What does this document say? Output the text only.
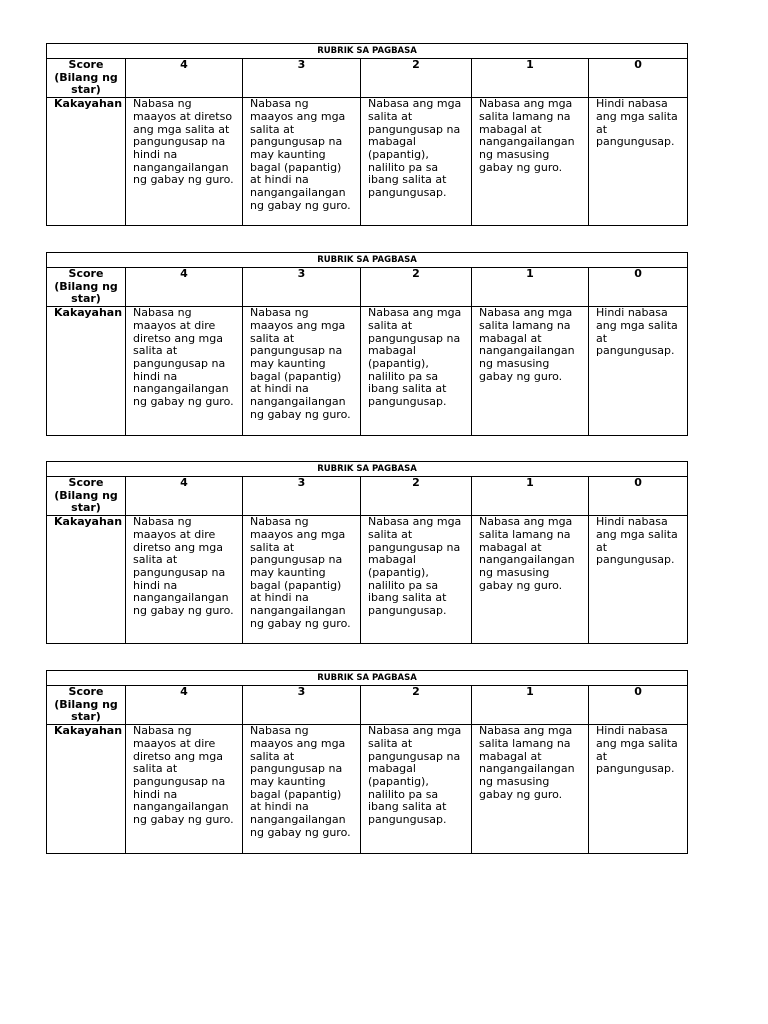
RUBRIK SA PAGBASA					
Score (Bilang ng star)	4	3	2	1	0
Kakayahan	Nabasa ng maayos at diretso ang mga salita at pangungusap na hindi na nangangailangan ng gabay ng guro.	Nabasa ng maayos ang mga salita at pangungusap na may kaunting bagal (papantig) at hindi na nangangailangan ng gabay ng guro.	Nabasa ang mga salita at pangungusap na mabagal (papantig), nalilito pa sa ibang salita at pangungusap.	Nabasa ang mga salita lamang na mabagal at nangangailangan ng masusing gabay ng guro.	Hindi nabasa ang mga salita at pangungusap.
RUBRIK SA PAGBASA					
Score (Bilang ng star)	4	3	2	1	0
Kakayahan	Nabasa ng maayos at dire diretso ang mga salita at pangungusap na hindi na nangangailangan ng gabay ng guro.	Nabasa ng maayos ang mga salita at pangungusap na may kaunting bagal (papantig) at hindi na nangangailangan ng gabay ng guro.	Nabasa ang mga salita at pangungusap na mabagal (papantig), nalilito pa sa ibang salita at pangungusap.	Nabasa ang mga salita lamang na mabagal at nangangailangan ng masusing gabay ng guro.	Hindi nabasa ang mga salita at pangungusap.
RUBRIK SA PAGBASA					
Score (Bilang ng star)	4	3	2	1	0
Kakayahan	Nabasa ng maayos at dire diretso ang mga salita at pangungusap na hindi na nangangailangan ng gabay ng guro.	Nabasa ng maayos ang mga salita at pangungusap na may kaunting bagal (papantig) at hindi na nangangailangan ng gabay ng guro.	Nabasa ang mga salita at pangungusap na mabagal (papantig), nalilito pa sa ibang salita at pangungusap.	Nabasa ang mga salita lamang na mabagal at nangangailangan ng masusing gabay ng guro.	Hindi nabasa ang mga salita at pangungusap.
RUBRIK SA PAGBASA					
Score (Bilang ng star)	4	3	2	1	0
Kakayahan	Nabasa ng maayos at dire diretso ang mga salita at pangungusap na hindi na nangangailangan ng gabay ng guro.	Nabasa ng maayos ang mga salita at pangungusap na may kaunting bagal (papantig) at hindi na nangangailangan ng gabay ng guro.	Nabasa ang mga salita at pangungusap na mabagal (papantig), nalilito pa sa ibang salita at pangungusap.	Nabasa ang mga salita lamang na mabagal at nangangailangan ng masusing gabay ng guro.	Hindi nabasa ang mga salita at pangungusap.
